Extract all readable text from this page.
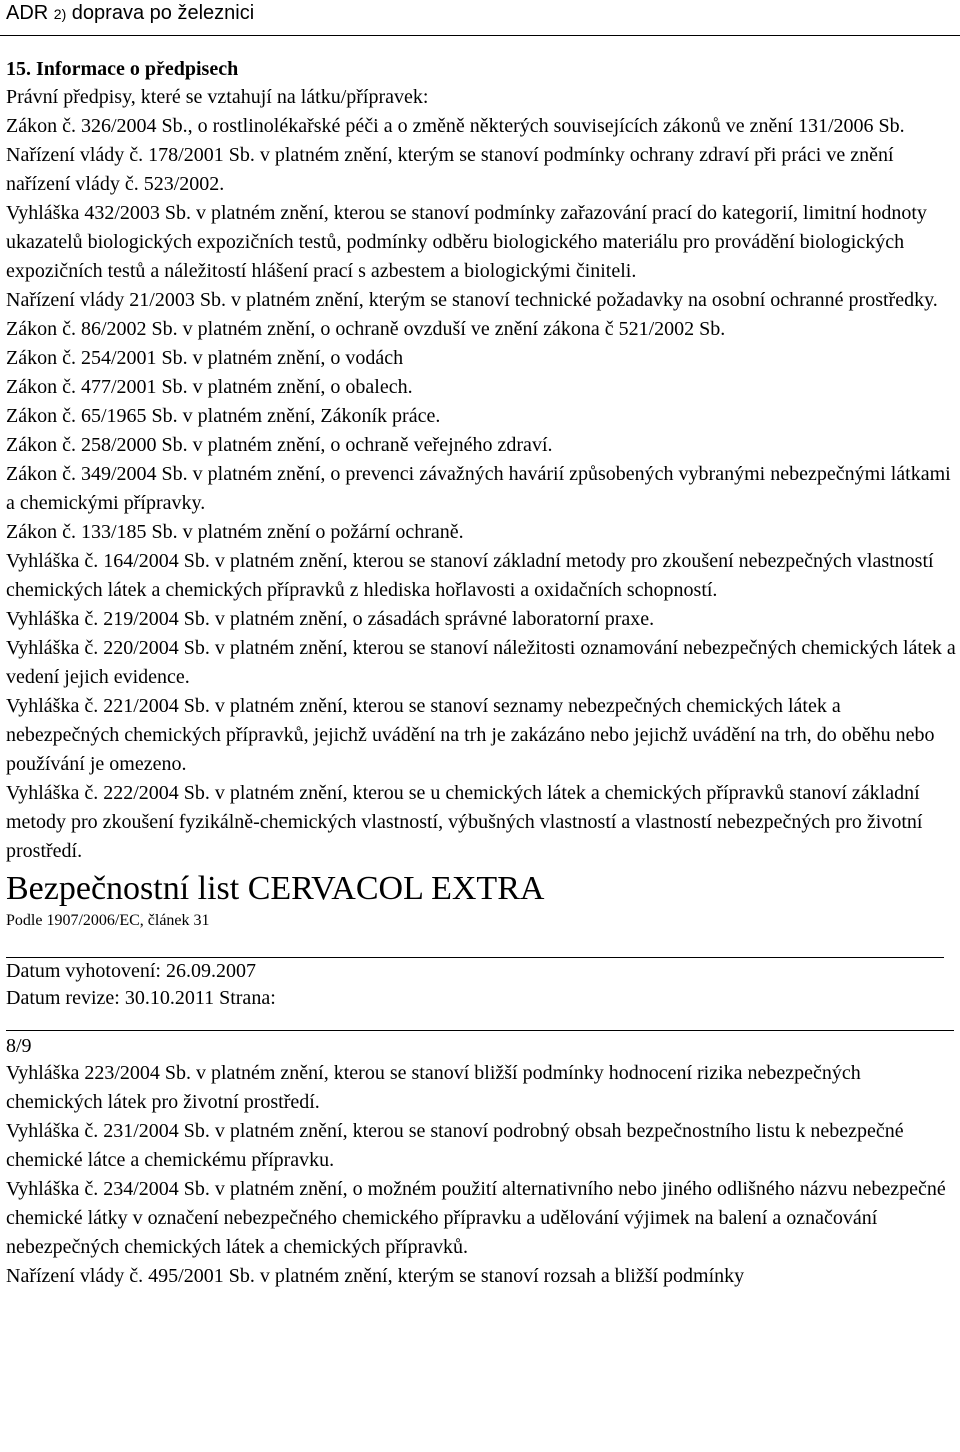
ADR 2) doprava po železnici
15. Informace o předpisech

Právní předpisy, které se vztahují na látku/přípravek:

Zákon č. 326/2004 Sb., o rostlinolékařské péči a o změně některých souvisejících zákonů ve znění 131/2006 Sb.

Nařízení vlády č. 178/2001 Sb. v platném znění, kterým se stanoví podmínky ochrany zdraví při práci ve znění nařízení vlády č. 523/2002.

Vyhláška 432/2003 Sb. v platném znění, kterou se stanoví podmínky zařazování prací do kategorií, limitní hodnoty ukazatelů biologických expozičních testů, podmínky odběru biologického materiálu pro provádění biologických expozičních testů a náležitostí hlášení prací s azbestem a biologickými činiteli.

Nařízení vlády 21/2003 Sb. v platném znění, kterým se stanoví technické požadavky na osobní ochranné prostředky.

Zákon č. 86/2002 Sb. v platném znění, o ochraně ovzduší ve znění zákona č 521/2002 Sb.

Zákon č. 254/2001 Sb. v platném znění, o vodách

Zákon č. 477/2001 Sb. v platném znění, o obalech.

Zákon č. 65/1965 Sb. v platném znění, Zákoník práce.

Zákon č. 258/2000 Sb. v platném znění, o ochraně veřejného zdraví.

Zákon č. 349/2004 Sb. v platném znění, o prevenci závažných havárií způsobených vybranými nebezpečnými látkami a chemickými přípravky.

Zákon č. 133/185 Sb. v platném znění o požární ochraně.

Vyhláška č. 164/2004 Sb. v platném znění, kterou se stanoví základní metody pro zkoušení nebezpečných vlastností chemických látek a chemických přípravků z hlediska hořlavosti a oxidačních schopností.

Vyhláška č. 219/2004 Sb. v platném znění, o zásadách správné laboratorní praxe.

Vyhláška č. 220/2004 Sb. v platném znění, kterou se stanoví náležitosti oznamování nebezpečných chemických látek a vedení jejich evidence.

Vyhláška č. 221/2004 Sb. v platném znění, kterou se stanoví seznamy nebezpečných chemických látek a nebezpečných chemických přípravků, jejichž uvádění na trh je zakázáno nebo jejichž uvádění na trh, do oběhu nebo používání je omezeno.

Vyhláška č. 222/2004 Sb. v platném znění, kterou se u chemických látek a chemických přípravků stanoví základní metody pro zkoušení fyzikálně-chemických vlastností, výbušných vlastností a vlastností nebezpečných pro životní prostředí.

Bezpečnostní list CERVACOL EXTRA
Podle 1907/2006/EC, článek 31

Datum vyhotovení: 26.09.2007

Datum revize: 30.10.2011 Strana:

8/9

Vyhláška 223/2004 Sb. v platném znění, kterou se stanoví bližší podmínky hodnocení rizika nebezpečných chemických látek pro životní prostředí.

Vyhláška č. 231/2004 Sb. v platném znění, kterou se stanoví podrobný obsah bezpečnostního listu k nebezpečné chemické látce a chemickému přípravku.

Vyhláška č. 234/2004 Sb. v platném znění, o možném použití alternativního nebo jiného odlišného názvu nebezpečné chemické látky v označení nebezpečného chemického přípravku a udělování výjimek na balení a označování nebezpečných chemických látek a chemických přípravků.

Nařízení vlády č. 495/2001 Sb. v platném znění, kterým se stanoví rozsah a bližší podmínky
